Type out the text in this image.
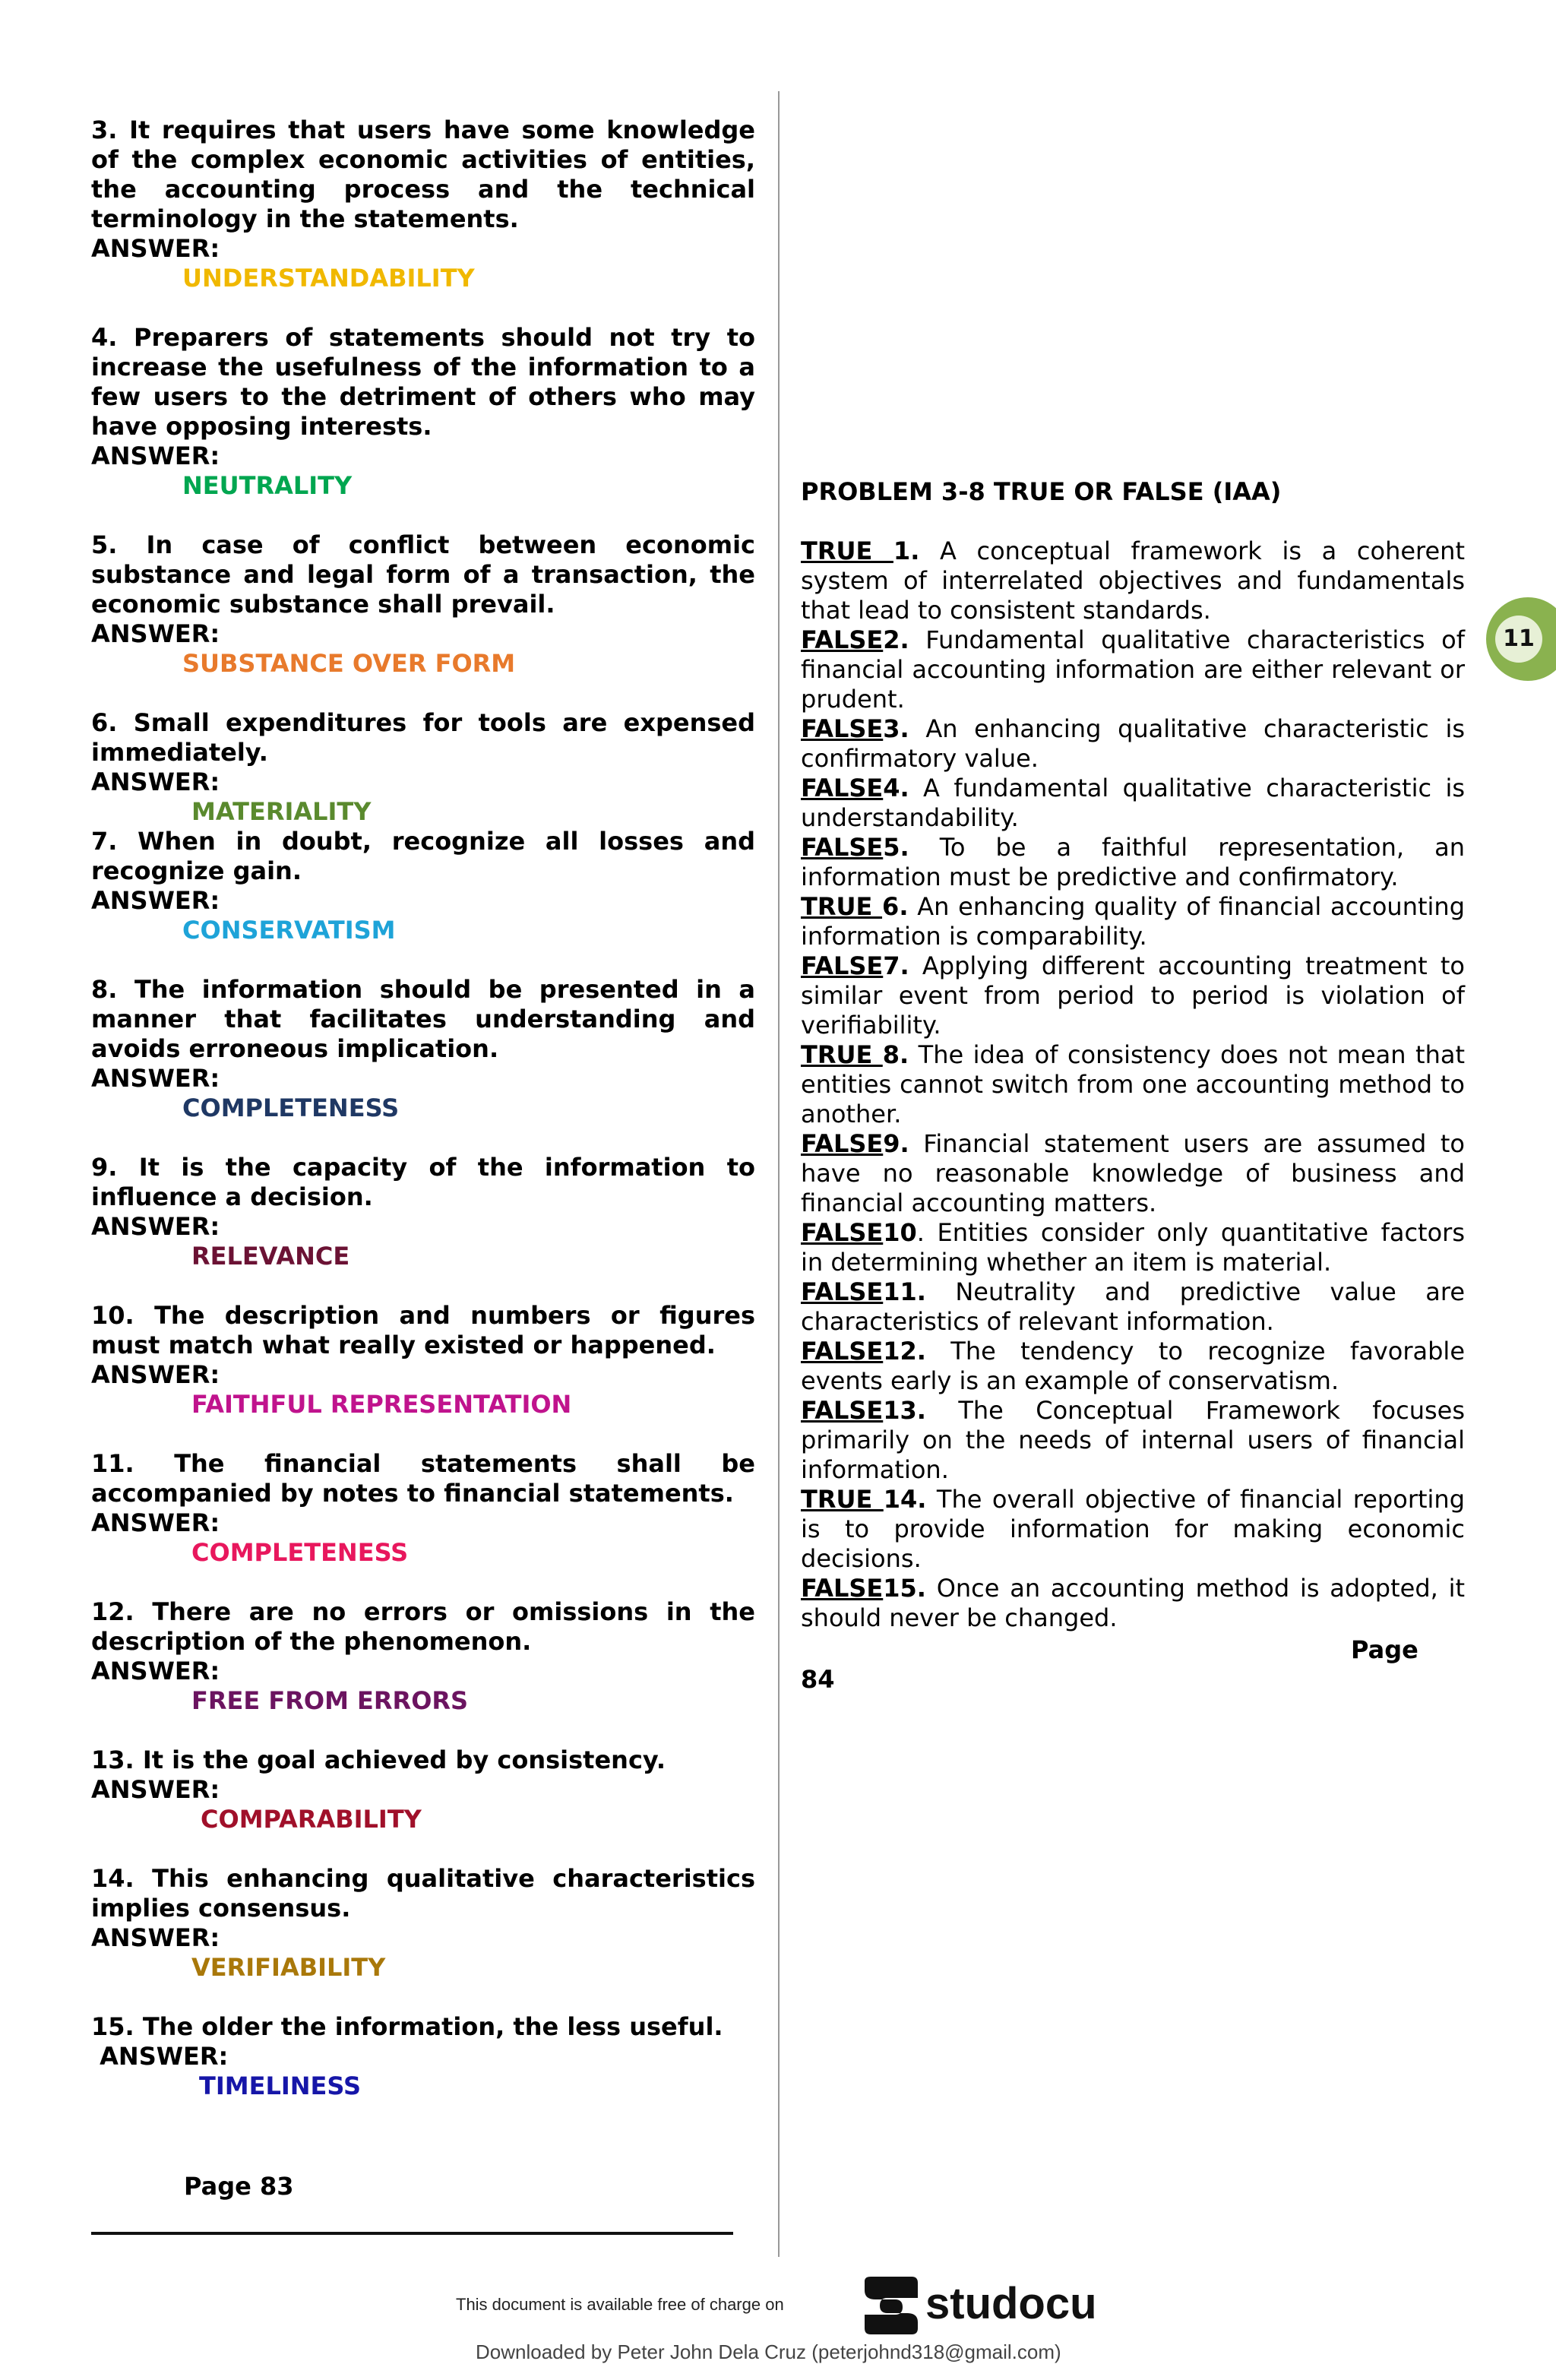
3. It requires that users have some knowledge of the complex economic activities of entities, the accounting process and the technical terminology in the statements.
ANSWER:
UNDERSTANDABILITY
4. Preparers of statements should not try to increase the usefulness of the information to a few users to the detriment of others who may have opposing interests.
ANSWER:
NEUTRALITY
5. In case of conflict between economic substance and legal form of a transaction, the economic substance shall prevail.
ANSWER:
SUBSTANCE OVER FORM
6. Small expenditures for tools are expensed immediately.
ANSWER:
MATERIALITY
7. When in doubt, recognize all losses and recognize gain.
ANSWER:
CONSERVATISM
8. The information should be presented in a manner that facilitates understanding and avoids erroneous implication.
ANSWER:
COMPLETENESS
9. It is the capacity of the information to influence a decision.
ANSWER:
RELEVANCE
10. The description and numbers or figures must match what really existed or happened.
ANSWER:
FAITHFUL REPRESENTATION
11. The financial statements shall be accompanied by notes to financial statements.
ANSWER:
COMPLETENESS
12. There are no errors or omissions in the description of the phenomenon.
ANSWER:
FREE FROM ERRORS
13. It is the goal achieved by consistency.
ANSWER:
COMPARABILITY
14. This enhancing qualitative characteristics implies consensus.
ANSWER:
VERIFIABILITY
15. The older the information, the less useful.
ANSWER:
TIMELINESS
Page 83
PROBLEM 3-8 TRUE OR FALSE (IAA)
TRUE 1. A conceptual framework is a coherent system of interrelated objectives and fundamentals that lead to consistent standards.
FALSE2. Fundamental qualitative characteristics of financial accounting information are either relevant or prudent.
FALSE3. An enhancing qualitative characteristic is confirmatory value.
FALSE4. A fundamental qualitative characteristic is understandability.
FALSE5. To be a faithful representation, an information must be predictive and confirmatory.
TRUE 6. An enhancing quality of financial accounting information is comparability.
FALSE7. Applying different accounting treatment to similar event from period to period is violation of verifiability.
TRUE 8. The idea of consistency does not mean that entities cannot switch from one accounting method to another.
FALSE9. Financial statement users are assumed to have no reasonable knowledge of business and financial accounting matters.
FALSE10. Entities consider only quantitative factors in determining whether an item is material.
FALSE11. Neutrality and predictive value are characteristics of relevant information.
FALSE12. The tendency to recognize favorable events early is an example of conservatism.
FALSE13. The Conceptual Framework focuses primarily on the needs of internal users of financial information.
TRUE 14. The overall objective of financial reporting is to provide information for making economic decisions.
FALSE15. Once an accounting method is adopted, it should never be changed.
Page
84
11
This document is available free of charge on	studocu
Downloaded by Peter John Dela Cruz (peterjohnd318@gmail.com)
